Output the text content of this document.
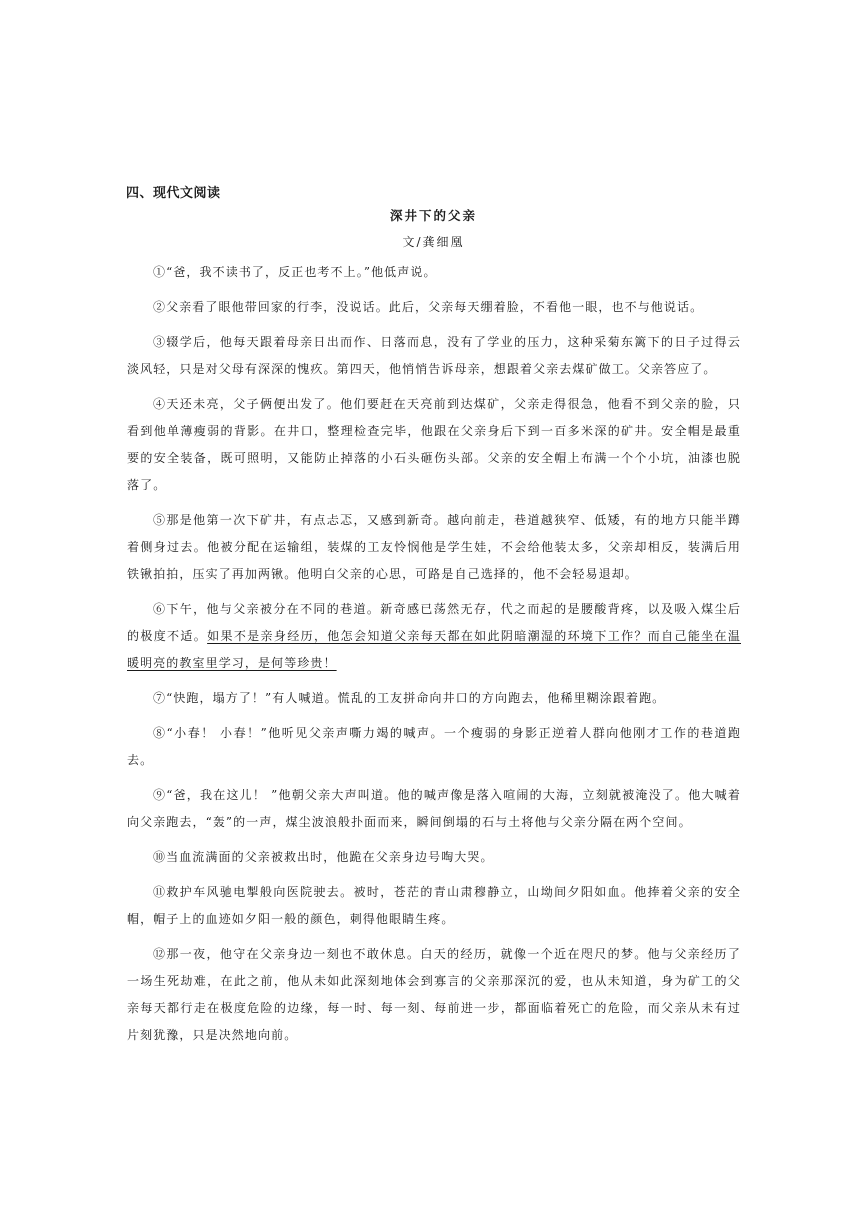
四、现代文阅读
深井下的父亲

文/龚细凰

①“爸，我不读书了，反正也考不上。”他低声说。

②父亲看了眼他带回家的行李，没说话。此后，父亲每天绷着脸，不看他一眼，也不与他说话。

③辍学后，他每天跟着母亲日出而作、日落而息，没有了学业的压力，这种采菊东篱下的日子过得云淡风轻，只是对父母有深深的愧疚。第四天，他悄悄告诉母亲，想跟着父亲去煤矿做工。父亲答应了。

④天还未亮，父子俩便出发了。他们要赶在天亮前到达煤矿，父亲走得很急，他看不到父亲的脸，只看到他单薄瘦弱的背影。在井口，整理检查完毕，他跟在父亲身后下到一百多米深的矿井。安全帽是最重要的安全装备，既可照明，又能防止掉落的小石头砸伤头部。父亲的安全帽上布满一个个小坑，油漆也脱落了。

⑤那是他第一次下矿井，有点忐忑，又感到新奇。越向前走，巷道越狭窄、低矮，有的地方只能半蹲着侧身过去。他被分配在运输组，装煤的工友怜悯他是学生娃，不会给他装太多，父亲却相反，装满后用铁锹拍拍，压实了再加两锹。他明白父亲的心思，可路是自己选择的，他不会轻易退却。

⑥下午，他与父亲被分在不同的巷道。新奇感已荡然无存，代之而起的是腰酸背疼，以及吸入煤尘后的极度不适。如果不是亲身经历，他怎会知道父亲每天都在如此阴暗潮湿的环境下工作？而自己能坐在温暖明亮的教室里学习，是何等珍贵！

⑦“快跑，塌方了！”有人喊道。慌乱的工友拼命向井口的方向跑去，他稀里糊涂跟着跑。

⑧“小春！ 小春！”他听见父亲声嘶力竭的喊声。一个瘦弱的身影正逆着人群向他刚才工作的巷道跑去。

⑨“爸，我在这儿！ ”他朝父亲大声叫道。他的喊声像是落入喧闹的大海，立刻就被淹没了。他大喊着向父亲跑去，“轰”的一声，煤尘波浪般扑面而来，瞬间倒塌的石与土将他与父亲分隔在两个空间。

⑩当血流满面的父亲被救出时，他跪在父亲身边号啕大哭。

⑪救护车风驰电掣般向医院驶去。被时，苍茫的青山肃穆静立，山坳间夕阳如血。他捧着父亲的安全帽，帽子上的血迹如夕阳一般的颜色，刺得他眼睛生疼。

⑫那一夜，他守在父亲身边一刻也不敢休息。白天的经历，就像一个近在咫尺的梦。他与父亲经历了一场生死劫难，在此之前，他从未如此深刻地体会到寡言的父亲那深沉的爱，也从未知道，身为矿工的父亲每天都行走在极度危险的边缘，每一时、每一刻、每前进一步，都面临着死亡的危险，而父亲从未有过片刻犹豫，只是决然地向前。
